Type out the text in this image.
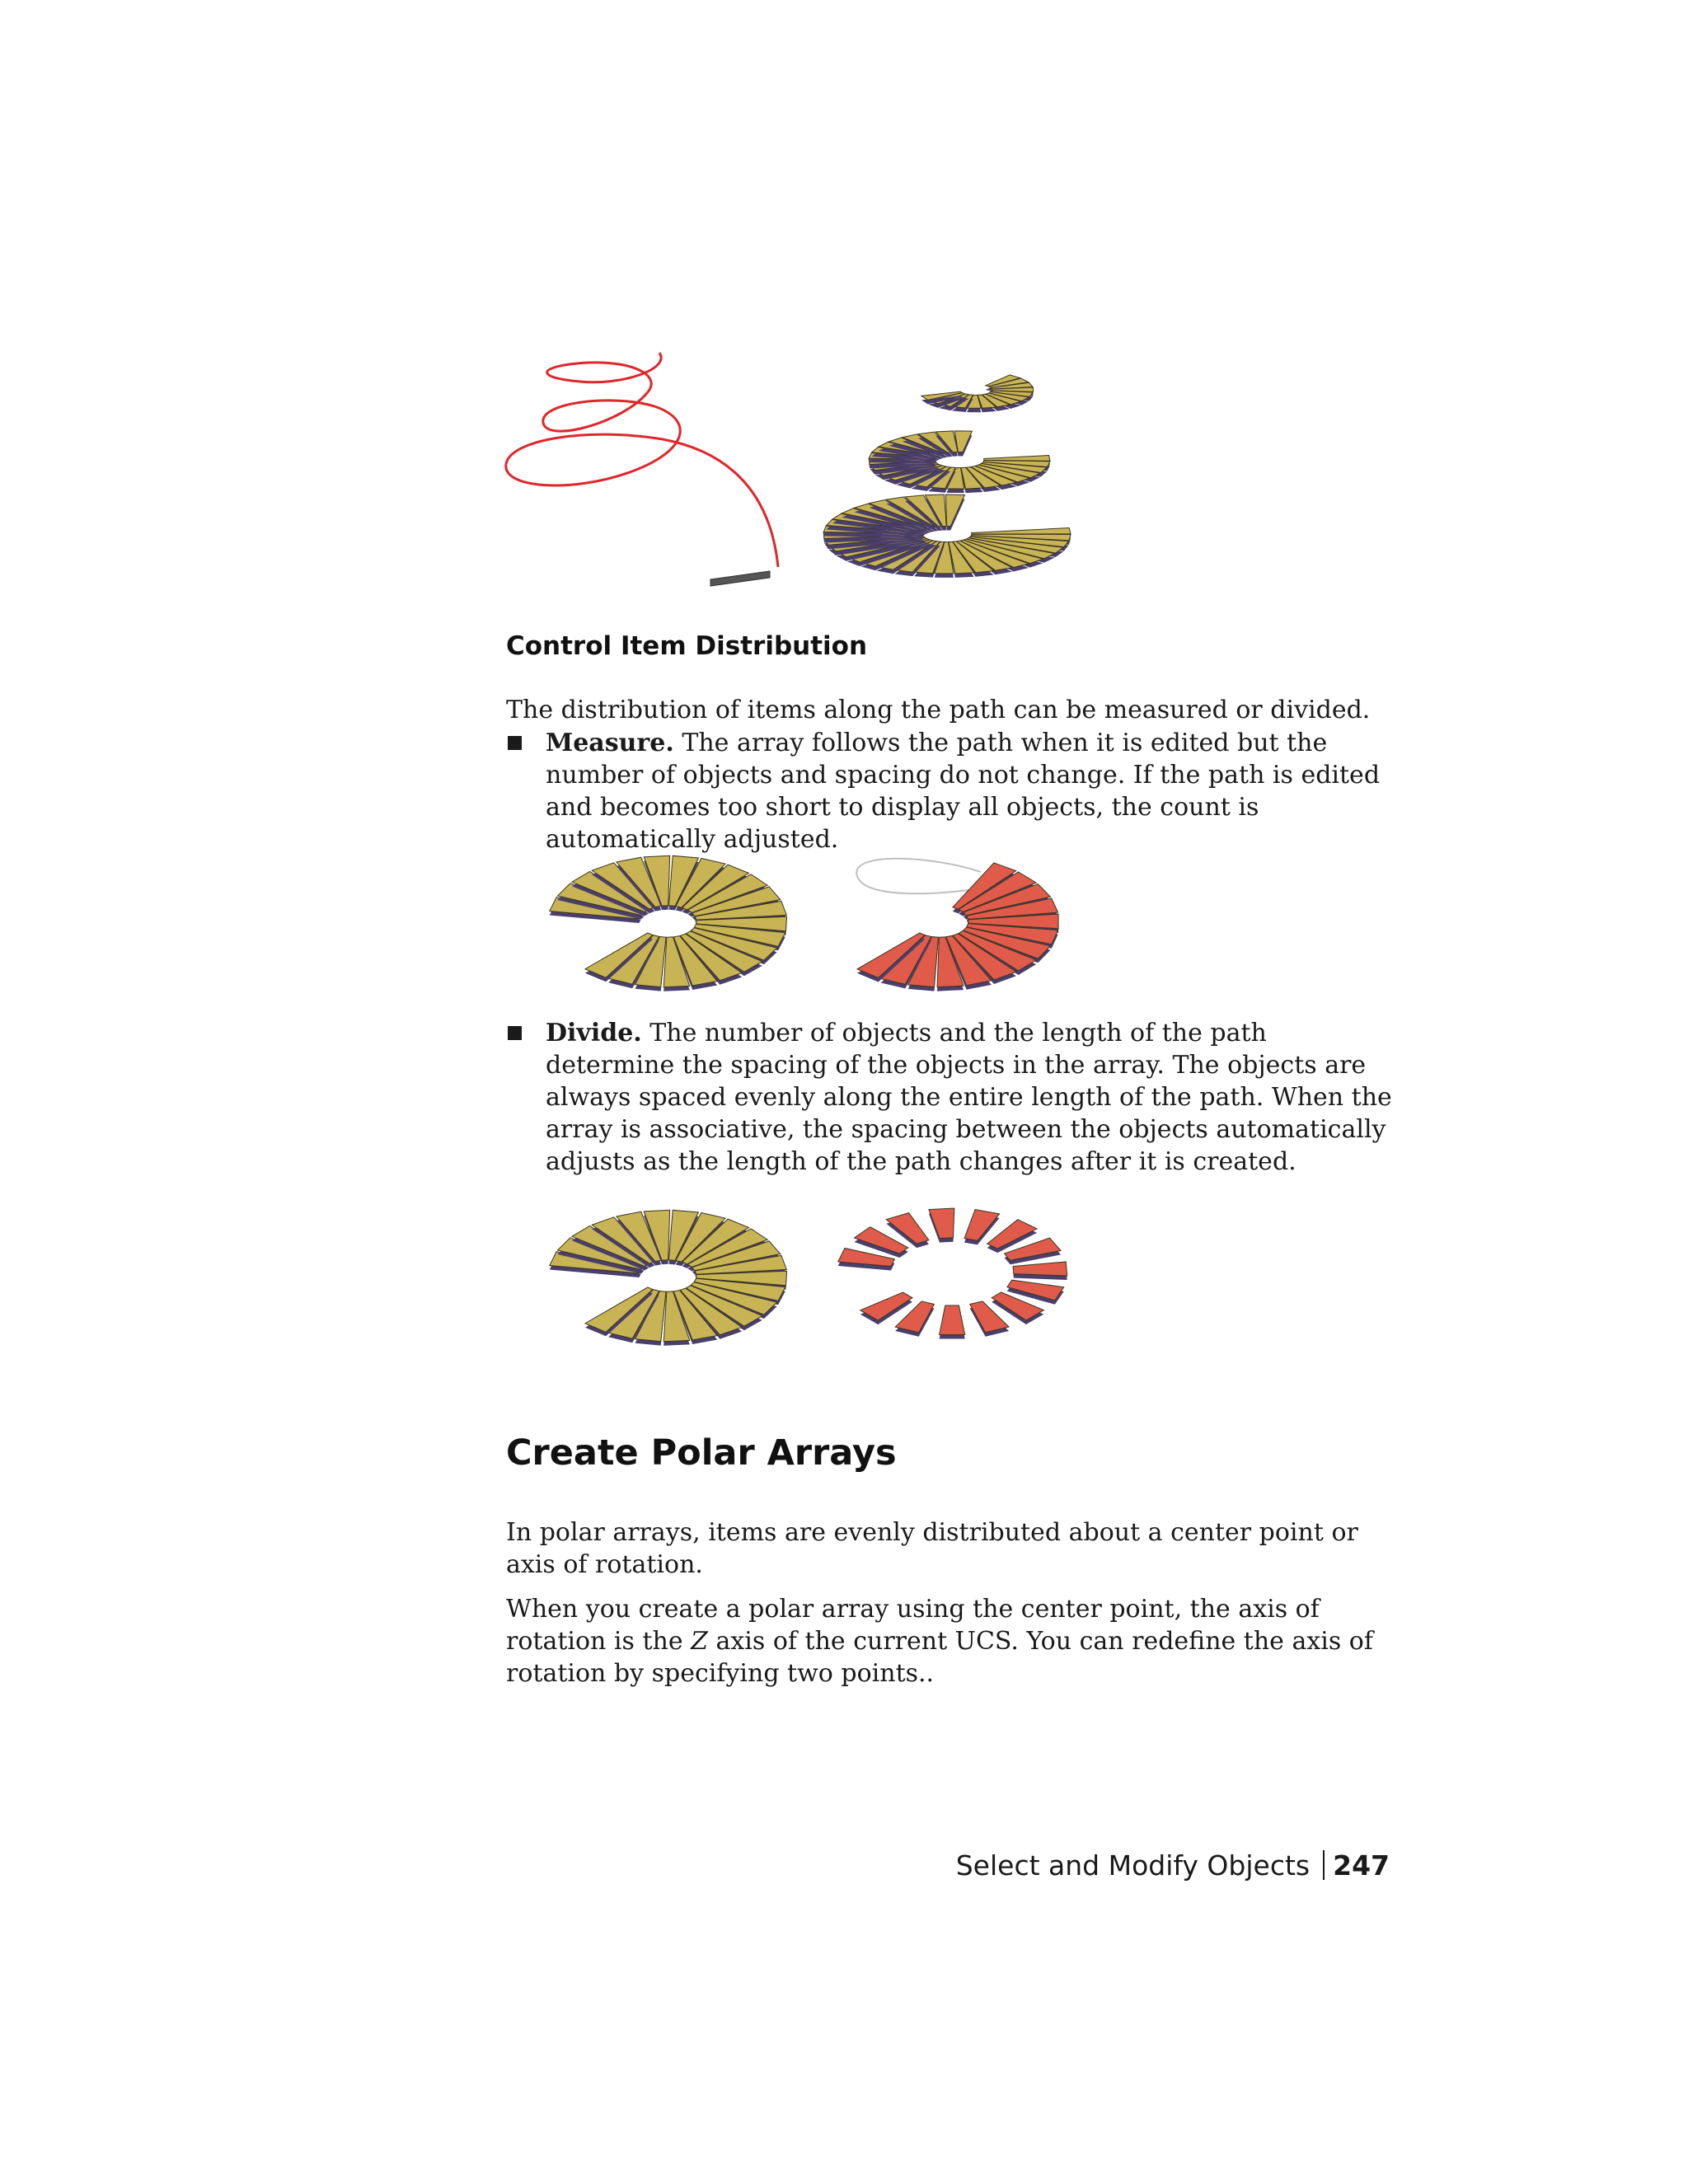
Control Item Distribution

The distribution of items along the path can be measured or divided.

Measure. The array follows the path when it is edited but the number of objects and spacing do not change. If the path is edited and becomes too short to display all objects, the count is automatically adjusted.
Divide. The number of objects and the length of the path determine the spacing of the objects in the array. The objects are always spaced evenly along the entire length of the path. When the array is associative, the spacing between the objects automatically adjusts as the length of the path changes after it is created.
Create Polar Arrays

In polar arrays, items are evenly distributed about a center point or axis of rotation.

When you create a polar array using the center point, the axis of rotation is the Z axis of the current UCS. You can redefine the axis of rotation by specifying two points..

Select and Modify Objects 247
